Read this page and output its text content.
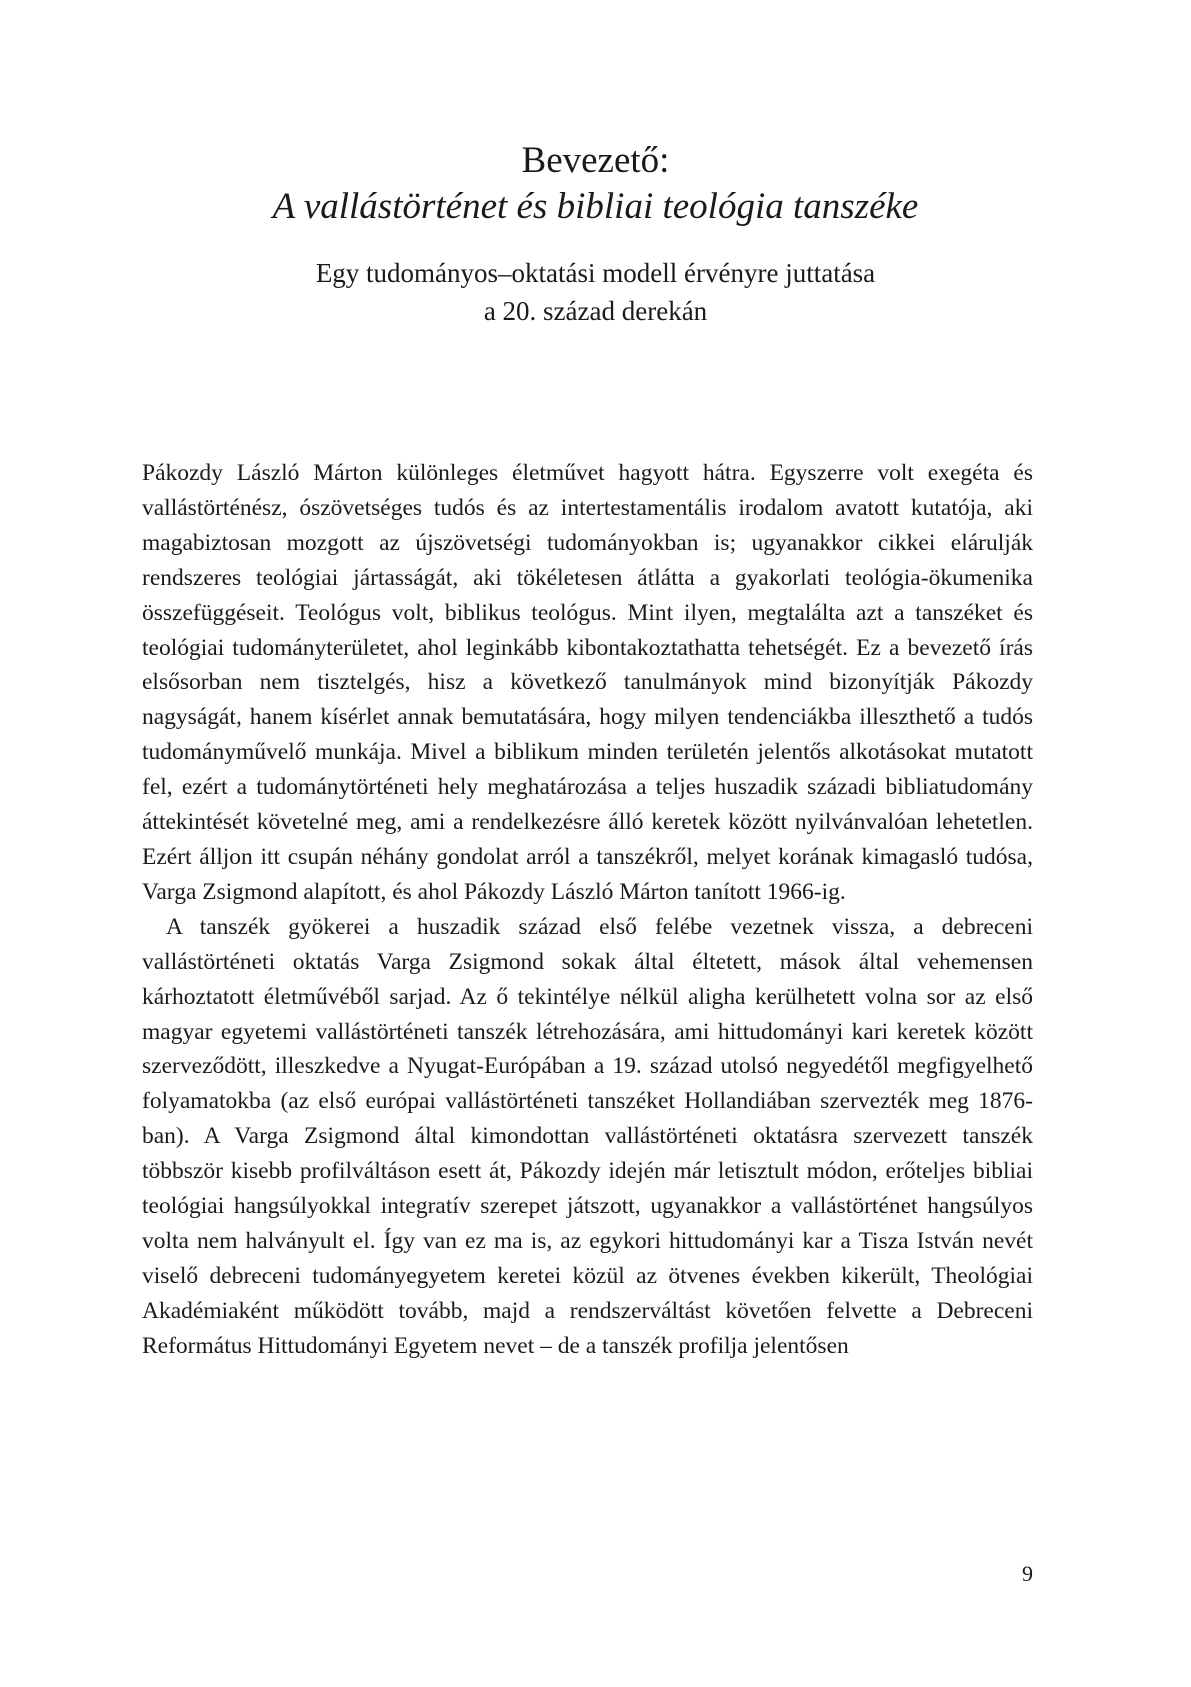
Bevezető:
A vallástörténet és bibliai teológia tanszéke
Egy tudományos–oktatási modell érvényre juttatása
a 20. század derekán

Pákozdy László Márton különleges életművet hagyott hátra. Egyszerre volt exegéta és vallástörténész, ószövetséges tudós és az intertestamentális irodalom avatott kutatója, aki magabiztosan mozgott az újszövetségi tudományokban is; ugyanakkor cikkei elárulják rendszeres teológiai jártasságát, aki tökéletesen átlátta a gyakorlati teológia-ökumenika összefüggéseit. Teológus volt, biblikus teológus. Mint ilyen, megtalálta azt a tanszéket és teológiai tudományterületet, ahol leginkább kibontakoztathatta tehetségét. Ez a bevezető írás elsősorban nem tisztelgés, hisz a következő tanulmányok mind bizonyítják Pákozdy nagyságát, hanem kísérlet annak bemutatására, hogy milyen tendenciákba illeszthető a tudós tudományművelő munkája. Mivel a biblikum minden területén jelentős alkotásokat mutatott fel, ezért a tudománytörténeti hely meghatározása a teljes huszadik századi bibliatudomány áttekintését követelné meg, ami a rendelkezésre álló keretek között nyilvánvalóan lehetetlen. Ezért álljon itt csupán néhány gondolat arról a tanszékről, melyet korának kimagasló tudósa, Varga Zsigmond alapított, és ahol Pákozdy László Márton tanított 1966-ig.

A tanszék gyökerei a huszadik század első felébe vezetnek vissza, a debreceni vallástörténeti oktatás Varga Zsigmond sokak által éltetett, mások által vehemensen kárhoztatott életművéből sarjad. Az ő tekintélye nélkül aligha kerülhetett volna sor az első magyar egyetemi vallástörténeti tanszék létrehozására, ami hittudományi kari keretek között szerveződött, illeszkedve a Nyugat-Európában a 19. század utolsó negyedétől megfigyelhető folyamatokba (az első európai vallástörténeti tanszéket Hollandiában szervezték meg 1876-ban). A Varga Zsigmond által kimondottan vallástörténeti oktatásra szervezett tanszék többször kisebb profilváltáson esett át, Pákozdy idején már letisztult módon, erőteljes bibliai teológiai hangsúlyokkal integratív szerepet játszott, ugyanakkor a vallástörténet hangsúlyos volta nem halványult el. Így van ez ma is, az egykori hittudományi kar a Tisza István nevét viselő debreceni tudományegyetem keretei közül az ötvenes években kikerült, Theológiai Akadémiaként működött tovább, majd a rendszerváltást követően felvette a Debreceni Református Hittudományi Egyetem nevet – de a tanszék profilja jelentősen

9
